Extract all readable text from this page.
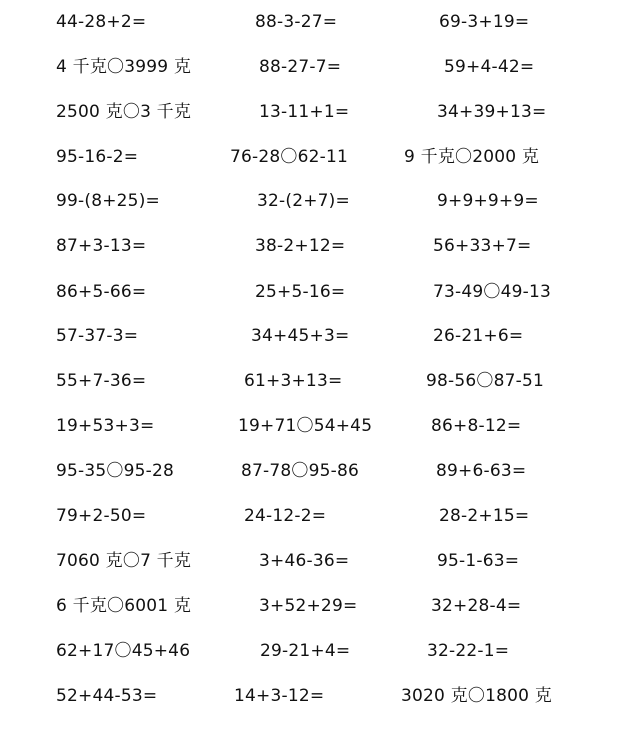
44-28+2=	88-3-27=	69-3+19=
4 千克〇3999 克	88-27-7=	59+4-42=
2500 克〇3 千克	13-11+1=	34+39+13=
95-16-2=	76-28〇62-11	9 千克〇2000 克
99-(8+25)=	32-(2+7)=	9+9+9+9=
87+3-13=	38-2+12=	56+33+7=
86+5-66=	25+5-16=	73-49〇49-13
57-37-3=	34+45+3=	26-21+6=
55+7-36=	61+3+13=	98-56〇87-51
19+53+3=	19+71〇54+45	86+8-12=
95-35〇95-28	87-78〇95-86	89+6-63=
79+2-50=	24-12-2=	28-2+15=
7060 克〇7 千克	3+46-36=	95-1-63=
6 千克〇6001 克	3+52+29=	32+28-4=
62+17〇45+46	29-21+4=	32-22-1=
52+44-53=	14+3-12=	3020 克〇1800 克
